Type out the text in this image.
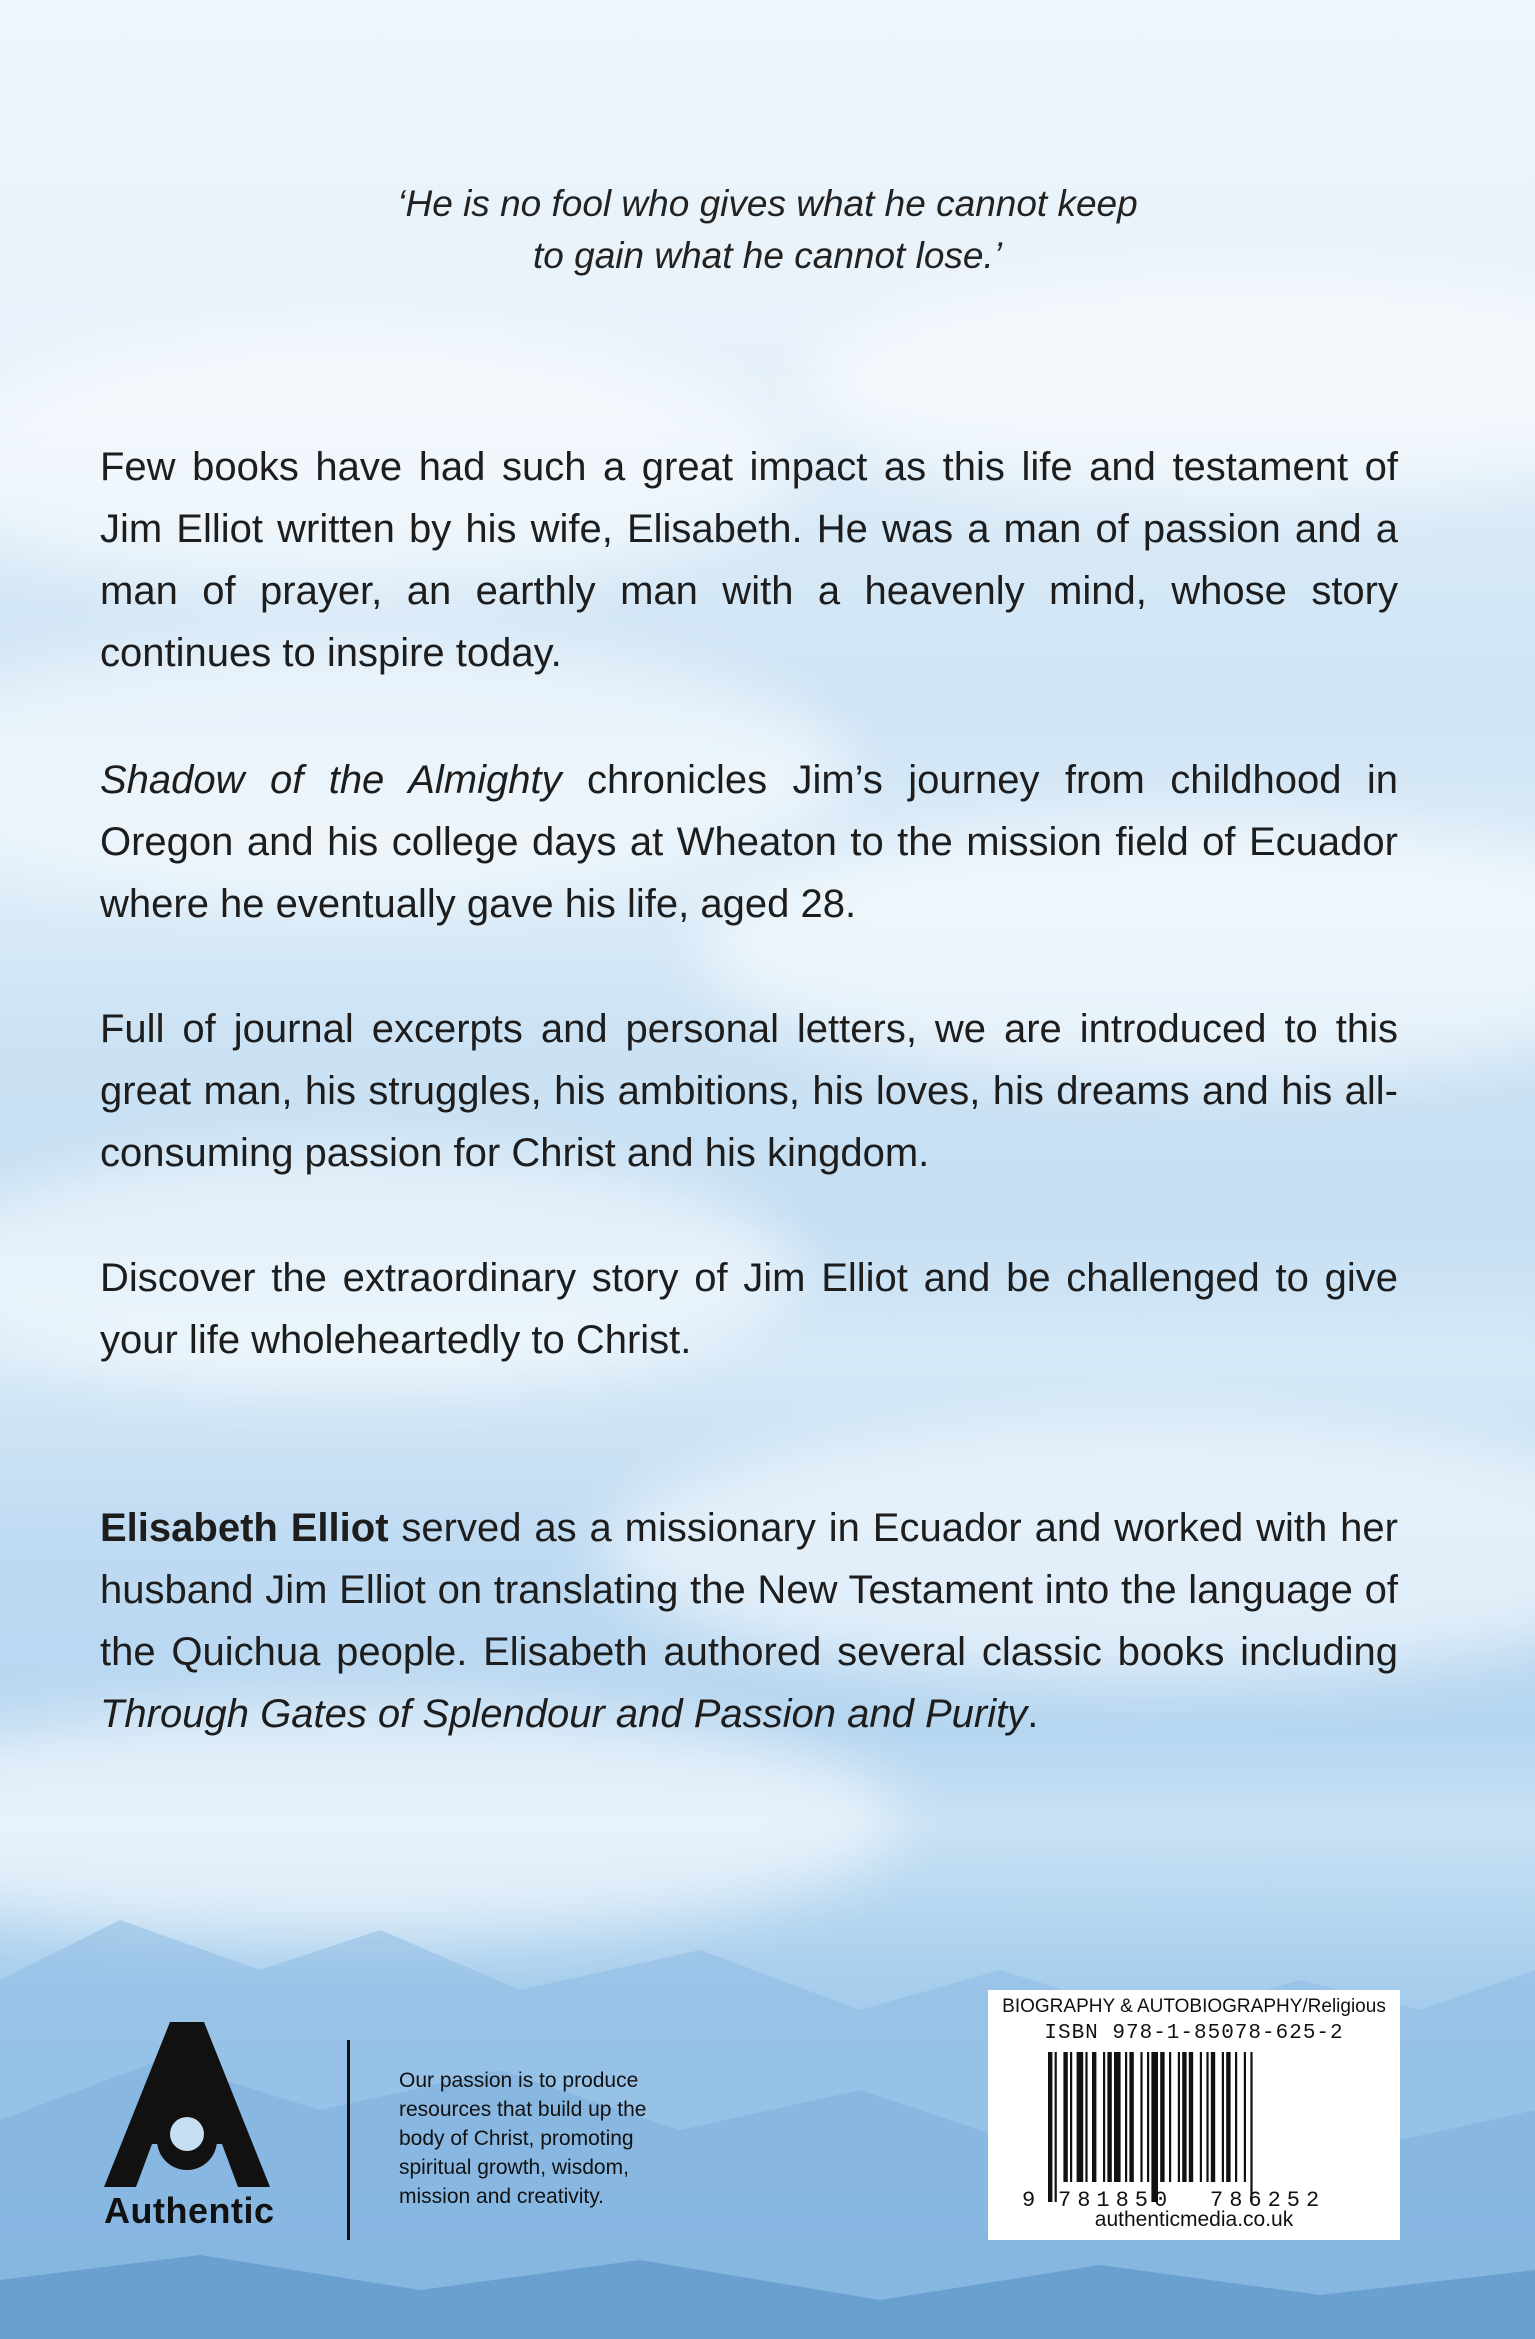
‘He is no fool who gives what he cannot keep
to gain what he cannot lose.’
Few books have had such a great impact as this life and testament of Jim Elliot written by his wife, Elisabeth. He was a man of passion and a man of prayer, an earthly man with a heavenly mind, whose story continues to inspire today.
Shadow of the Almighty chronicles Jim’s journey from childhood in Oregon and his college days at Wheaton to the mission field of Ecuador where he eventually gave his life, aged 28.
Full of journal excerpts and personal letters, we are introduced to this great man, his struggles, his ambitions, his loves, his dreams and his all-consuming passion for Christ and his kingdom.
Discover the extraordinary story of Jim Elliot and be challenged to give your life wholeheartedly to Christ.
Elisabeth Elliot served as a missionary in Ecuador and worked with her husband Jim Elliot on translating the New Testament into the language of the Quichua people. Elisabeth authored several classic books including Through Gates of Splendour and Passion and Purity.
Authentic
Our passion is to produce
resources that build up the
body of Christ, promoting
spiritual growth, wisdom,
mission and creativity.
BIOGRAPHY & AUTOBIOGRAPHY/Religious
ISBN 978-1-85078-625-2
9 781850 786252
authenticmedia.co.uk
